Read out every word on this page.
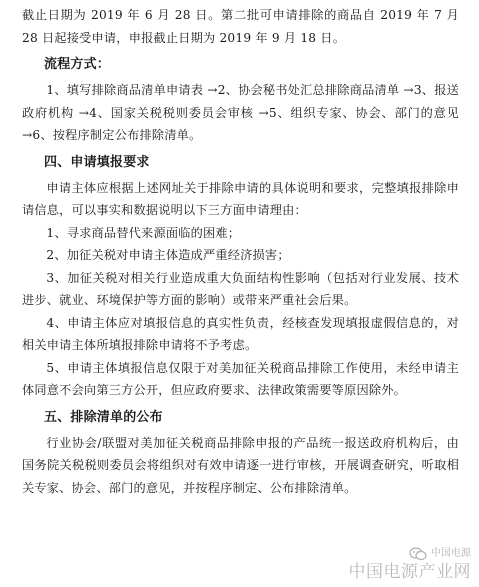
截止日期为 2019 年 6 月 28 日。第二批可申请排除的商品自 2019 年 7 月 28 日起接受申请，申报截止日期为 2019 年 9 月 18 日。

流程方式：

1、填写排除商品清单申请表 →2、协会秘书处汇总排除商品清单 →3、报送政府机构 →4、国家关税税则委员会审核 →5、组织专家、协会、部门的意见 →6、按程序制定公布排除清单。

四、申请填报要求

申请主体应根据上述网址关于排除申请的具体说明和要求，完整填报排除申请信息，可以事实和数据说明以下三方面申请理由：

1、寻求商品替代来源面临的困难；

2、加征关税对申请主体造成严重经济损害；

3、加征关税对相关行业造成重大负面结构性影响（包括对行业发展、技术进步、就业、环境保护等方面的影响）或带来严重社会后果。

4、申请主体应对填报信息的真实性负责，经核查发现填报虚假信息的，对相关申请主体所填报排除申请将不予考虑。

5、申请主体填报信息仅限于对美加征关税商品排除工作使用，未经申请主体同意不会向第三方公开，但应政府要求、法律政策需要等原因除外。

五、排除清单的公布

行业协会/联盟对美加征关税商品排除申报的产品统一报送政府机构后，由国务院关税税则委员会将组织对有效申请逐一进行审核，开展调查研究，听取相关专家、协会、部门的意见，并按程序制定、公布排除清单。

中国电源
中国电源产业网
